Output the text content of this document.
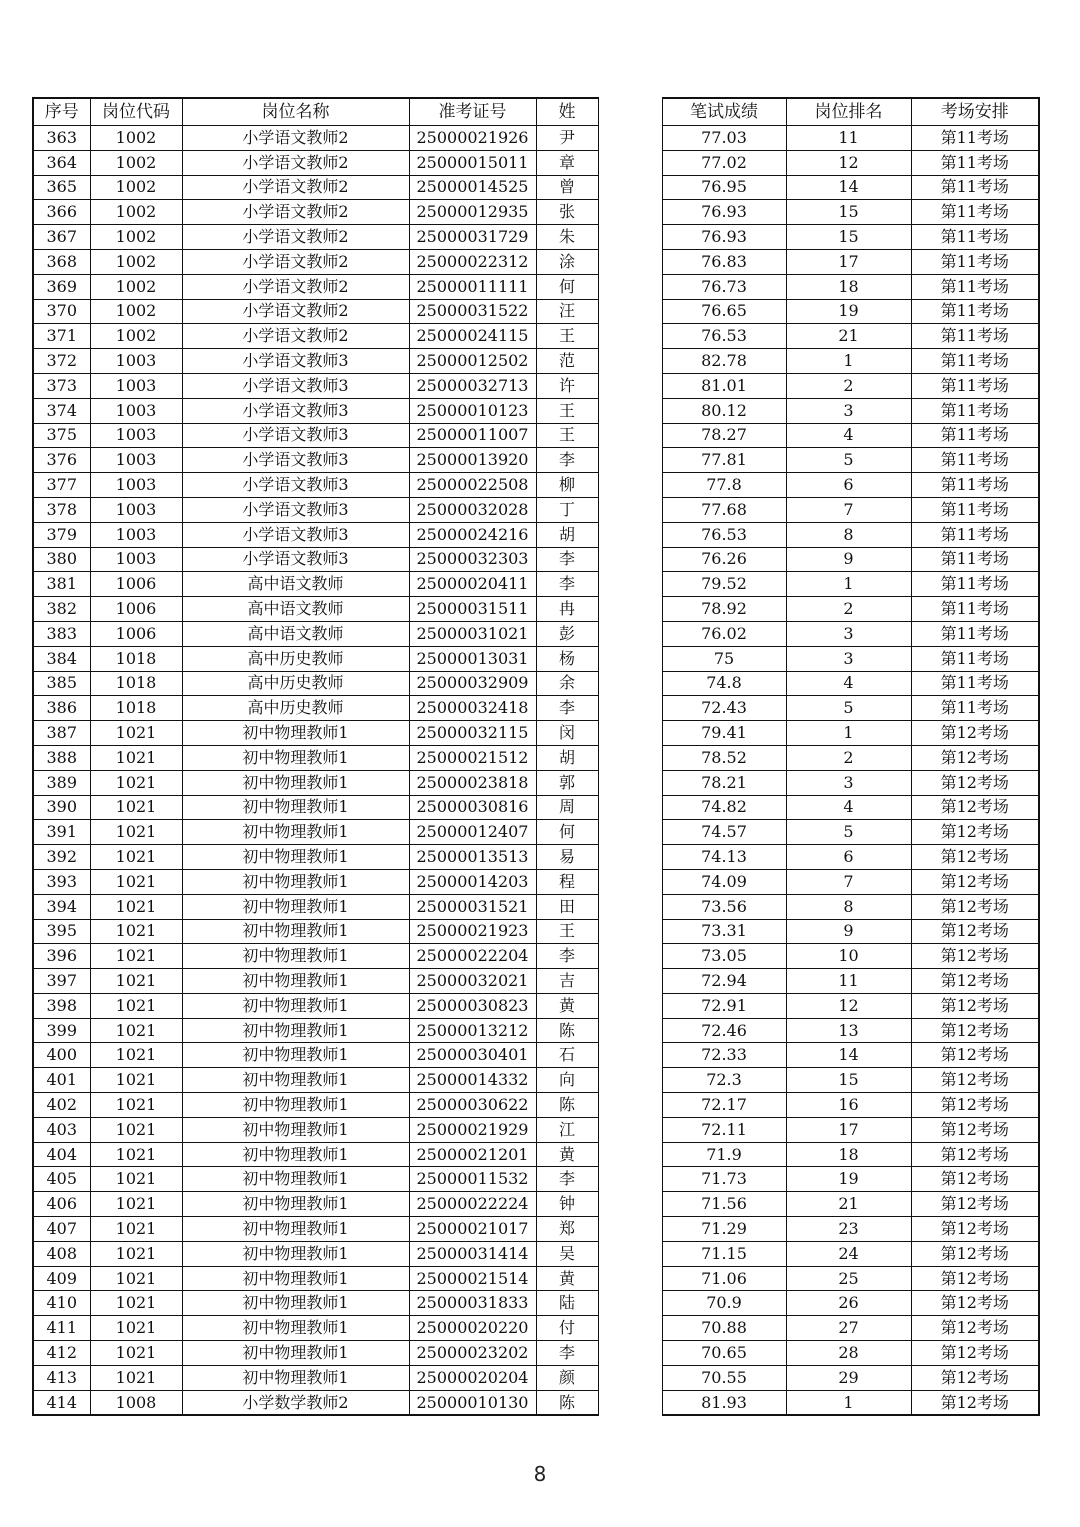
序号	岗位代码	岗位名称	准考证号	姓		笔试成绩	岗位排名	考场安排
363	1002	小学语文教师2	25000021926	尹		77.03	11	第11考场
364	1002	小学语文教师2	25000015011	章		77.02	12	第11考场
365	1002	小学语文教师2	25000014525	曾		76.95	14	第11考场
366	1002	小学语文教师2	25000012935	张		76.93	15	第11考场
367	1002	小学语文教师2	25000031729	朱		76.93	15	第11考场
368	1002	小学语文教师2	25000022312	涂		76.83	17	第11考场
369	1002	小学语文教师2	25000011111	何		76.73	18	第11考场
370	1002	小学语文教师2	25000031522	汪		76.65	19	第11考场
371	1002	小学语文教师2	25000024115	王		76.53	21	第11考场
372	1003	小学语文教师3	25000012502	范		82.78	1	第11考场
373	1003	小学语文教师3	25000032713	许		81.01	2	第11考场
374	1003	小学语文教师3	25000010123	王		80.12	3	第11考场
375	1003	小学语文教师3	25000011007	王		78.27	4	第11考场
376	1003	小学语文教师3	25000013920	李		77.81	5	第11考场
377	1003	小学语文教师3	25000022508	柳		77.8	6	第11考场
378	1003	小学语文教师3	25000032028	丁		77.68	7	第11考场
379	1003	小学语文教师3	25000024216	胡		76.53	8	第11考场
380	1003	小学语文教师3	25000032303	李		76.26	9	第11考场
381	1006	高中语文教师	25000020411	李		79.52	1	第11考场
382	1006	高中语文教师	25000031511	冉		78.92	2	第11考场
383	1006	高中语文教师	25000031021	彭		76.02	3	第11考场
384	1018	高中历史教师	25000013031	杨		75	3	第11考场
385	1018	高中历史教师	25000032909	余		74.8	4	第11考场
386	1018	高中历史教师	25000032418	李		72.43	5	第11考场
387	1021	初中物理教师1	25000032115	闵		79.41	1	第12考场
388	1021	初中物理教师1	25000021512	胡		78.52	2	第12考场
389	1021	初中物理教师1	25000023818	郭		78.21	3	第12考场
390	1021	初中物理教师1	25000030816	周		74.82	4	第12考场
391	1021	初中物理教师1	25000012407	何		74.57	5	第12考场
392	1021	初中物理教师1	25000013513	易		74.13	6	第12考场
393	1021	初中物理教师1	25000014203	程		74.09	7	第12考场
394	1021	初中物理教师1	25000031521	田		73.56	8	第12考场
395	1021	初中物理教师1	25000021923	王		73.31	9	第12考场
396	1021	初中物理教师1	25000022204	李		73.05	10	第12考场
397	1021	初中物理教师1	25000032021	吉		72.94	11	第12考场
398	1021	初中物理教师1	25000030823	黄		72.91	12	第12考场
399	1021	初中物理教师1	25000013212	陈		72.46	13	第12考场
400	1021	初中物理教师1	25000030401	石		72.33	14	第12考场
401	1021	初中物理教师1	25000014332	向		72.3	15	第12考场
402	1021	初中物理教师1	25000030622	陈		72.17	16	第12考场
403	1021	初中物理教师1	25000021929	江		72.11	17	第12考场
404	1021	初中物理教师1	25000021201	黄		71.9	18	第12考场
405	1021	初中物理教师1	25000011532	李		71.73	19	第12考场
406	1021	初中物理教师1	25000022224	钟		71.56	21	第12考场
407	1021	初中物理教师1	25000021017	郑		71.29	23	第12考场
408	1021	初中物理教师1	25000031414	吴		71.15	24	第12考场
409	1021	初中物理教师1	25000021514	黄		71.06	25	第12考场
410	1021	初中物理教师1	25000031833	陆		70.9	26	第12考场
411	1021	初中物理教师1	25000020220	付		70.88	27	第12考场
412	1021	初中物理教师1	25000023202	李		70.65	28	第12考场
413	1021	初中物理教师1	25000020204	颜		70.55	29	第12考场
414	1008	小学数学教师2	25000010130	陈		81.93	1	第12考场
8
